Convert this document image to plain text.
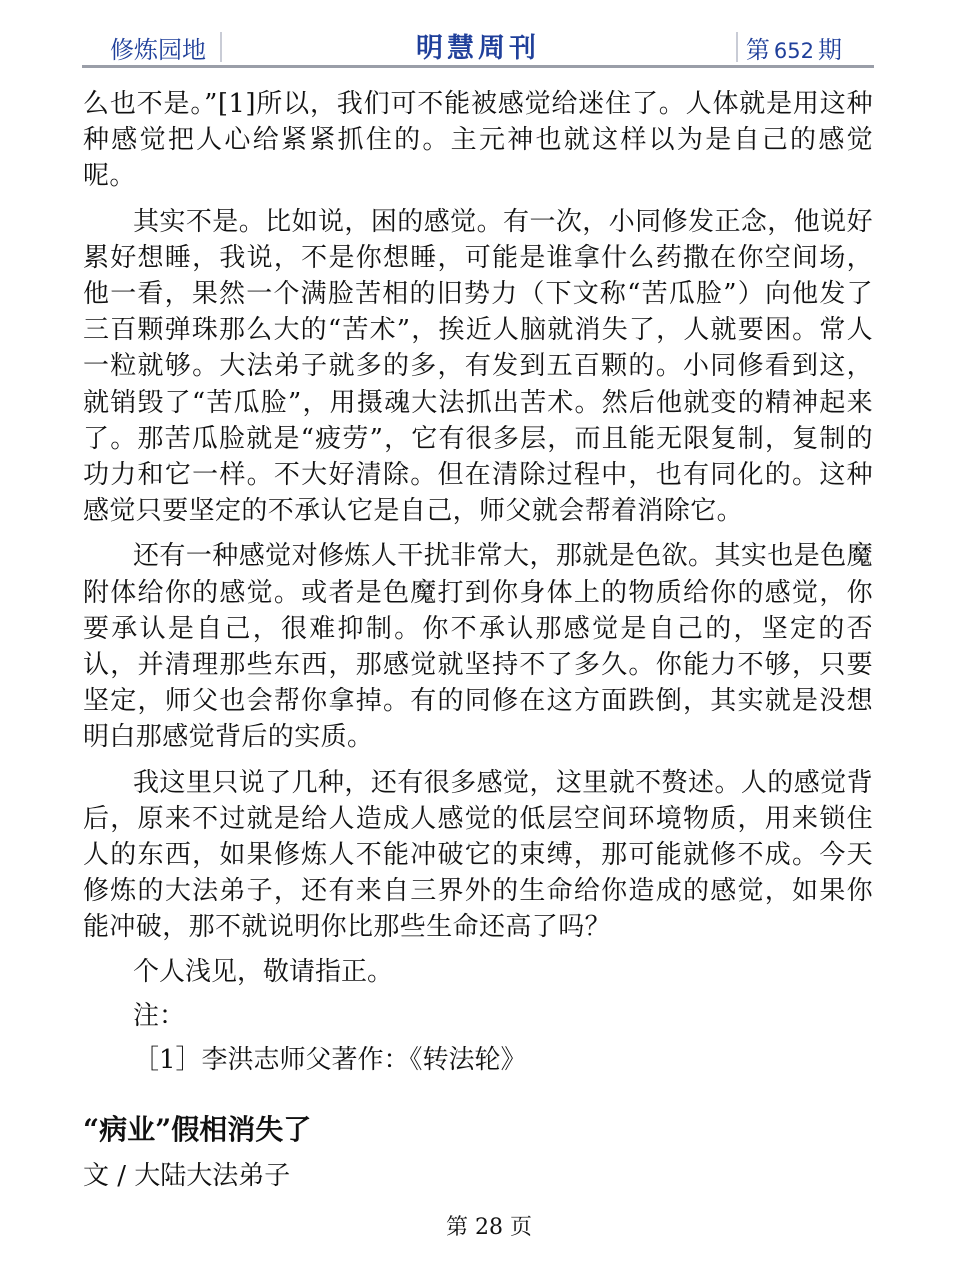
修炼园地	明慧周刊	第 652 期

么也不是。”[1]所以，我们可不能被感觉给迷住了。人体就是用这种种感觉把人心给紧紧抓住的。主元神也就这样以为是自己的感觉呢。

其实不是。比如说，困的感觉。有一次，小同修发正念，他说好累好想睡，我说，不是你想睡，可能是谁拿什么药撒在你空间场，他一看，果然一个满脸苦相的旧势力（下文称“苦瓜脸”）向他发了三百颗弹珠那么大的“苦术”，挨近人脑就消失了，人就要困。常人一粒就够。大法弟子就多的多，有发到五百颗的。小同修看到这，就销毁了“苦瓜脸”，用摄魂大法抓出苦术。然后他就变的精神起来了。那苦瓜脸就是“疲劳”，它有很多层，而且能无限复制，复制的功力和它一样。不大好清除。但在清除过程中，也有同化的。这种感觉只要坚定的不承认它是自己，师父就会帮着消除它。

还有一种感觉对修炼人干扰非常大，那就是色欲。其实也是色魔附体给你的感觉。或者是色魔打到你身体上的物质给你的感觉，你要承认是自己，很难抑制。你不承认那感觉是自己的，坚定的否认，并清理那些东西，那感觉就坚持不了多久。你能力不够，只要坚定，师父也会帮你拿掉。有的同修在这方面跌倒，其实就是没想明白那感觉背后的实质。

我这里只说了几种，还有很多感觉，这里就不赘述。人的感觉背后，原来不过就是给人造成人感觉的低层空间环境物质，用来锁住人的东西，如果修炼人不能冲破它的束缚，那可能就修不成。今天修炼的大法弟子，还有来自三界外的生命给你造成的感觉，如果你能冲破，那不就说明你比那些生命还高了吗？

个人浅见，敬请指正。

注：

［1］李洪志师父著作：《转法轮》

“病业”假相消失了

文 / 大陆大法弟子

第 28 页
